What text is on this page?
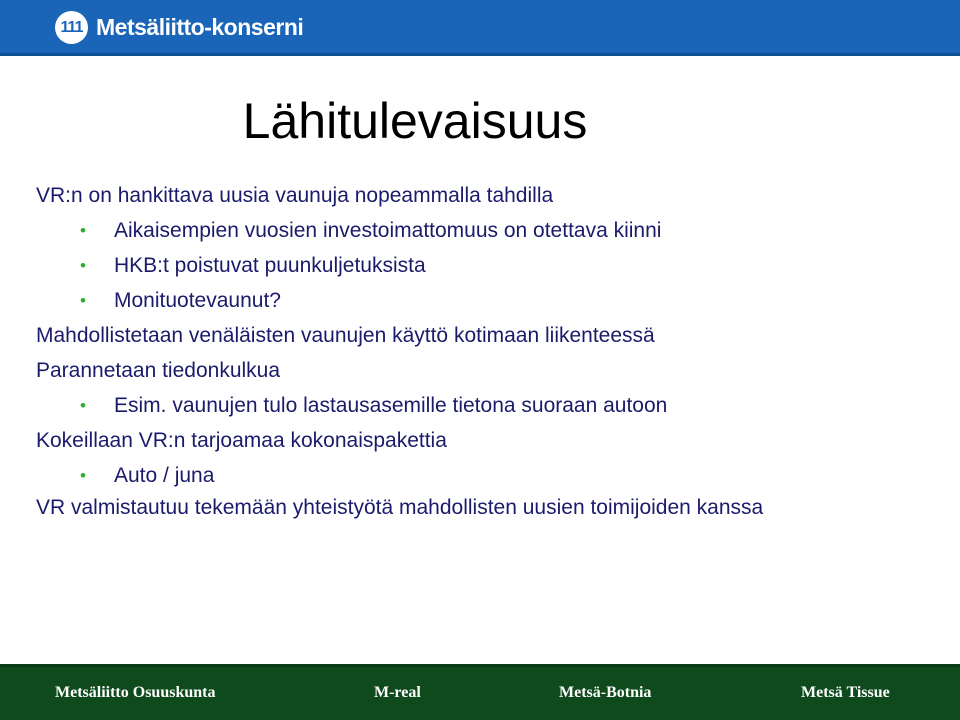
111 Metsäliitto-konserni
Lähitulevaisuus
VR:n on hankittava uusia vaunuja nopeammalla tahdilla
• Aikaisempien vuosien investoimattomuus on otettava kiinni
• HKB:t poistuvat puunkuljetuksista
• Monituotevaunut?
Mahdollistetaan venäläisten vaunujen käyttö kotimaan liikenteessä
Parannetaan tiedonkulkua
• Esim. vaunujen tulo lastausasemille tietona suoraan autoon
Kokeillaan VR:n tarjoamaa kokonaispakettia
• Auto / juna
VR valmistautuu tekemään yhteistyötä mahdollisten uusien toimijoiden kanssa
Metsäliitto Osuuskunta	M-real	Metsä-Botnia	Metsä Tissue
